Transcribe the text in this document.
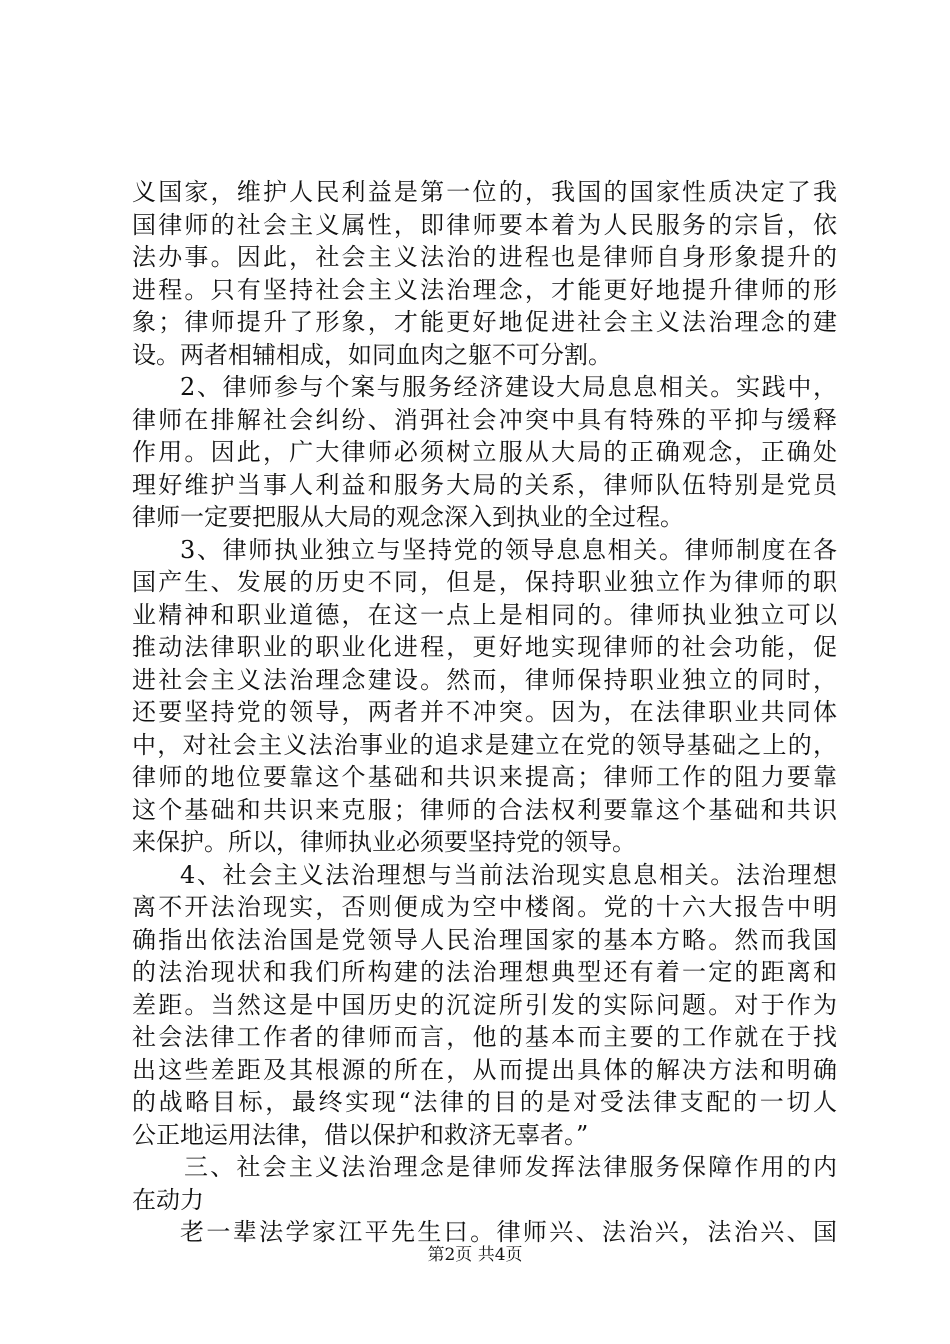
义国家，维护人民利益是第一位的，我国的国家性质决定了我
国律师的社会主义属性，即律师要本着为人民服务的宗旨，依
法办事。因此，社会主义法治的进程也是律师自身形象提升的
进程。只有坚持社会主义法治理念，才能更好地提升律师的形
象；律师提升了形象，才能更好地促进社会主义法治理念的建
设。两者相辅相成，如同血肉之躯不可分割。
2、律师参与个案与服务经济建设大局息息相关。实践中，
律师在排解社会纠纷、消弭社会冲突中具有特殊的平抑与缓释
作用。因此，广大律师必须树立服从大局的正确观念，正确处
理好维护当事人利益和服务大局的关系，律师队伍特别是党员
律师一定要把服从大局的观念深入到执业的全过程。
3、律师执业独立与坚持党的领导息息相关。律师制度在各
国产生、发展的历史不同，但是，保持职业独立作为律师的职
业精神和职业道德，在这一点上是相同的。律师执业独立可以
推动法律职业的职业化进程，更好地实现律师的社会功能，促
进社会主义法治理念建设。然而，律师保持职业独立的同时，
还要坚持党的领导，两者并不冲突。因为，在法律职业共同体
中，对社会主义法治事业的追求是建立在党的领导基础之上的，
律师的地位要靠这个基础和共识来提高；律师工作的阻力要靠
这个基础和共识来克服；律师的合法权利要靠这个基础和共识
来保护。所以，律师执业必须要坚持党的领导。
4、社会主义法治理想与当前法治现实息息相关。法治理想
离不开法治现实，否则便成为空中楼阁。党的十六大报告中明
确指出依法治国是党领导人民治理国家的基本方略。然而我国
的法治现状和我们所构建的法治理想典型还有着一定的距离和
差距。当然这是中国历史的沉淀所引发的实际问题。对于作为
社会法律工作者的律师而言，他的基本而主要的工作就在于找
出这些差距及其根源的所在，从而提出具体的解决方法和明确
的战略目标，最终实现“法律的目的是对受法律支配的一切人
公正地运用法律，借以保护和救济无辜者。”
三、社会主义法治理念是律师发挥法律服务保障作用的内
在动力
老一辈法学家江平先生曰。律师兴、法治兴，法治兴、国
第2页 共4页
